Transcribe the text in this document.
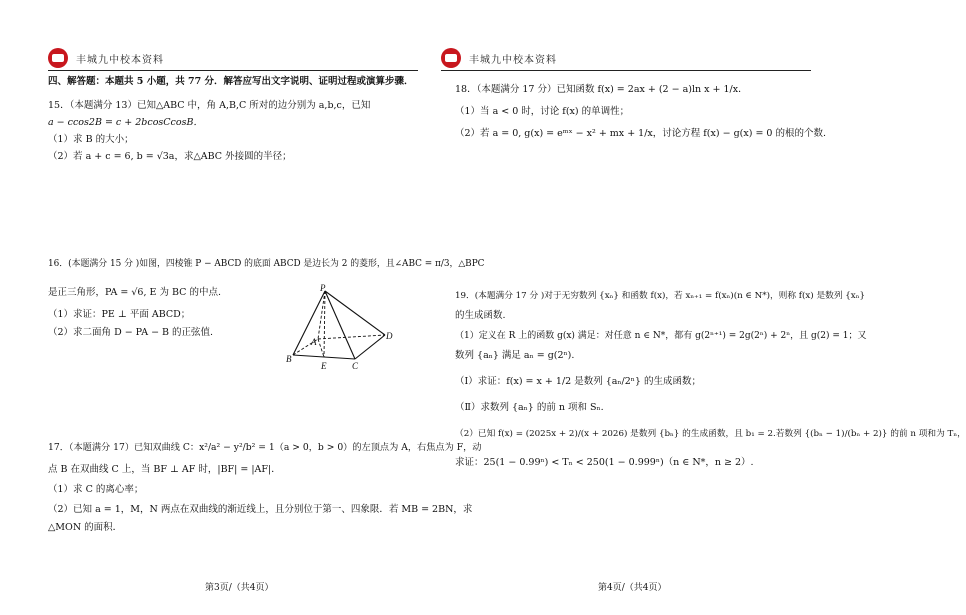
丰城九中校本资料
四、解答题：本题共 5 小题，共 77 分．解答应写出文字说明、证明过程或演算步骤．
15．（本题满分 13）已知△ABC 中，角 A,B,C 所对的边分别为 a,b,c，已知
a − ccos2B = c + 2bcosCcosB．
（1）求 B 的大小；
（2）若 a + c = 6, b = √3a，求△ABC 外接圆的半径；
16．(本题满分 15 分 )如图，四棱锥 P − ABCD 的底面 ABCD 是边长为 2 的菱形，且∠ABC = π/3，△BPC
是正三角形，PA = √6, E 为 BC 的中点.
（1）求证：PE ⊥ 平面 ABCD；
（2）求二面角 D − PA − B 的正弦值.
P
A
B
C
D
E
17．（本题满分 17）已知双曲线 C：x²/a² − y²/b² = 1（a > 0，b > 0）的左顶点为 A，右焦点为 F，动
点 B 在双曲线 C 上，当 BF ⊥ AF 时，|BF| = |AF|．
（1）求 C 的离心率；
（2）已知 a = 1，M，N 两点在双曲线的渐近线上，且分别位于第一、四象限．若 MB = 2BN，求
△MON 的面积．
第3页/（共4页）
丰城九中校本资料
18．（本题满分 17 分）已知函数 f(x) = 2ax + (2 − a)ln x + 1/x．
（1）当 a < 0 时，讨论 f(x) 的单调性；
（2）若 a = 0, g(x) = eᵐˣ − x² + mx + 1/x，讨论方程 f(x) − g(x) = 0 的根的个数.
19．(本题满分 17 分 )对于无穷数列 {xₙ} 和函数 f(x)，若 xₙ₊₁ = f(xₙ)(n ∈ N*)，则称 f(x) 是数列 {xₙ}
的生成函数.
（1）定义在 R 上的函数 g(x) 满足：对任意 n ∈ N*，都有 g(2ⁿ⁺¹) = 2g(2ⁿ) + 2ⁿ，且 g(2) = 1；又
数列 {aₙ} 满足 aₙ = g(2ⁿ).
（Ⅰ）求证：f(x) = x + 1/2 是数列 {aₙ/2ⁿ} 的生成函数；
（Ⅱ）求数列 {aₙ} 的前 n 项和 Sₙ.
（2）已知 f(x) = (2025x + 2)/(x + 2026) 是数列 {bₙ} 的生成函数，且 b₁ = 2.若数列 {(bₙ − 1)/(bₙ + 2)} 的前 n 项和为 Tₙ，
求证：25(1 − 0.99ⁿ) < Tₙ < 250(1 − 0.999ⁿ)（n ∈ N*，n ≥ 2）.
第4页/（共4页）
